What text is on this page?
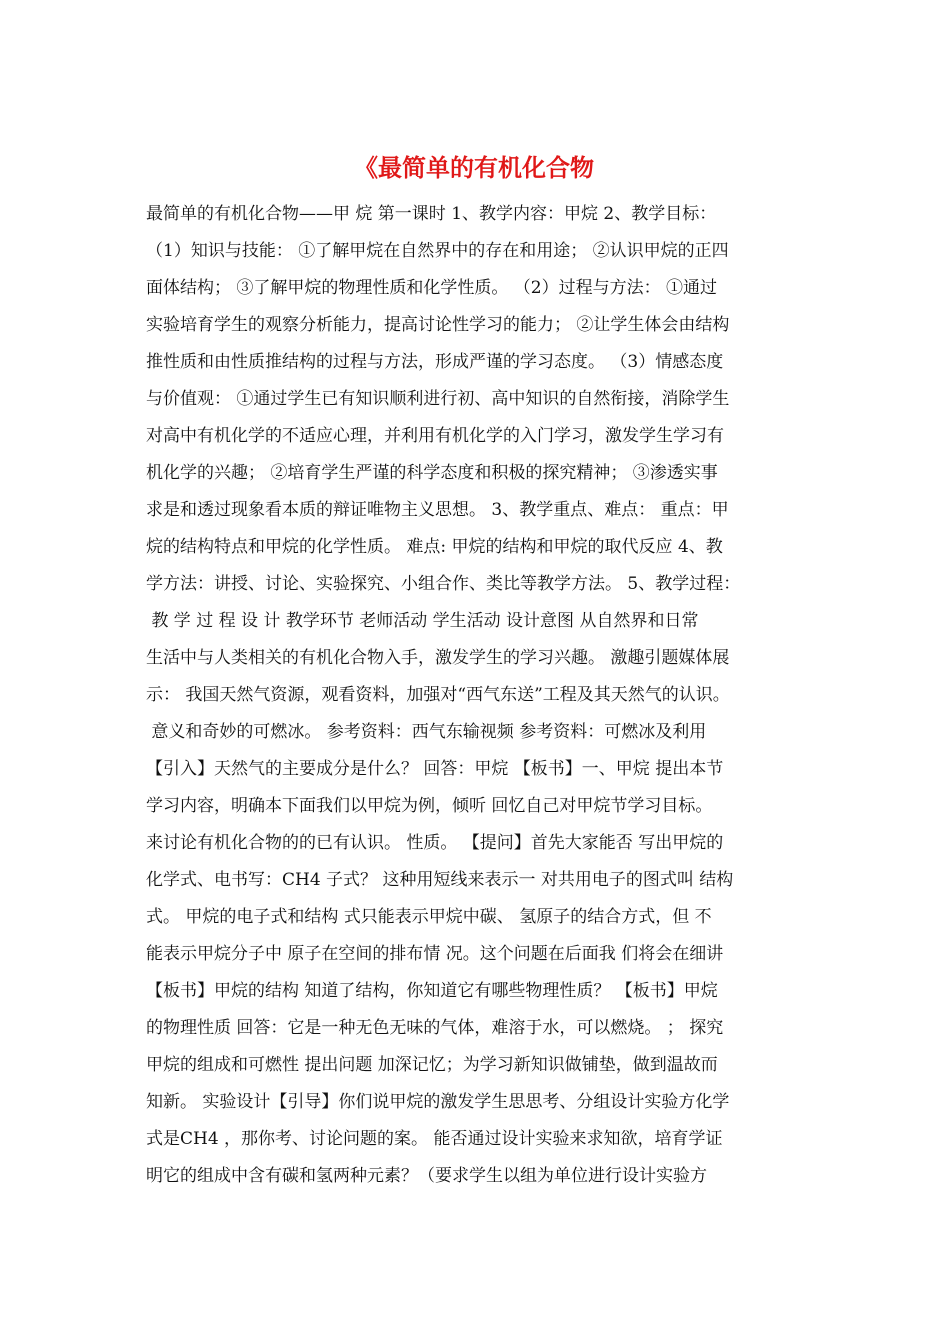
《最简单的有机化合物
最简单的有机化合物——甲 烷 第一课时 1、教学内容：甲烷 2、教学目标：
（1）知识与技能： ①了解甲烷在自然界中的存在和用途； ②认识甲烷的正四
面体结构； ③了解甲烷的物理性质和化学性质。 （2）过程与方法： ①通过
实验培育学生的观察分析能力，提高讨论性学习的能力； ②让学生体会由结构
推性质和由性质推结构的过程与方法，形成严谨的学习态度。 （3）情感态度
与价值观： ①通过学生已有知识顺利进行初、高中知识的自然衔接，消除学生
对高中有机化学的不适应心理，并利用有机化学的入门学习，激发学生学习有
机化学的兴趣； ②培育学生严谨的科学态度和积极的探究精神； ③渗透实事
求是和透过现象看本质的辩证唯物主义思想。 3、教学重点、难点： 重点：甲
烷的结构特点和甲烷的化学性质。 难点: 甲烷的结构和甲烷的取代反应 4、教
学方法：讲授、讨论、实验探究、小组合作、类比等教学方法。 5、教学过程：
教 学 过 程 设 计 教学环节 老师活动 学生活动 设计意图 从自然界和日常
生活中与人类相关的有机化合物入手，激发学生的学习兴趣。 激趣引题媒体展
示： 我国天然气资源，观看资料，加强对“西气东送”工程及其天然气的认识。
意义和奇妙的可燃冰。 参考资料：西气东输视频 参考资料：可燃冰及利用
【引入】天然气的主要成分是什么？ 回答：甲烷 【板书】一、甲烷 提出本节
学习内容，明确本下面我们以甲烷为例，倾听 回忆自己对甲烷节学习目标。
来讨论有机化合物的的已有认识。 性质。 【提问】首先大家能否 写出甲烷的
化学式、电书写：CH4 子式？ 这种用短线来表示一 对共用电子的图式叫 结构
式。 甲烷的电子式和结构 式只能表示甲烷中碳、 氢原子的结合方式，但 不
能表示甲烷分子中 原子在空间的排布情 况。这个问题在后面我 们将会在细讲
【板书】甲烷的结构 知道了结构，你知道它有哪些物理性质？ 【板书】甲烷
的物理性质 回答：它是一种无色无味的气体，难溶于水，可以燃烧。 ； 探究
甲烷的组成和可燃性 提出问题 加深记忆；为学习新知识做铺垫，做到温故而
知新。 实验设计【引导】你们说甲烷的激发学生思思考、分组设计实验方化学
式是CH4 ，那你考、讨论问题的案。 能否通过设计实验来求知欲，培育学证
明它的组成中含有碳和氢两种元素？（要求学生以组为单位进行设计实验方
